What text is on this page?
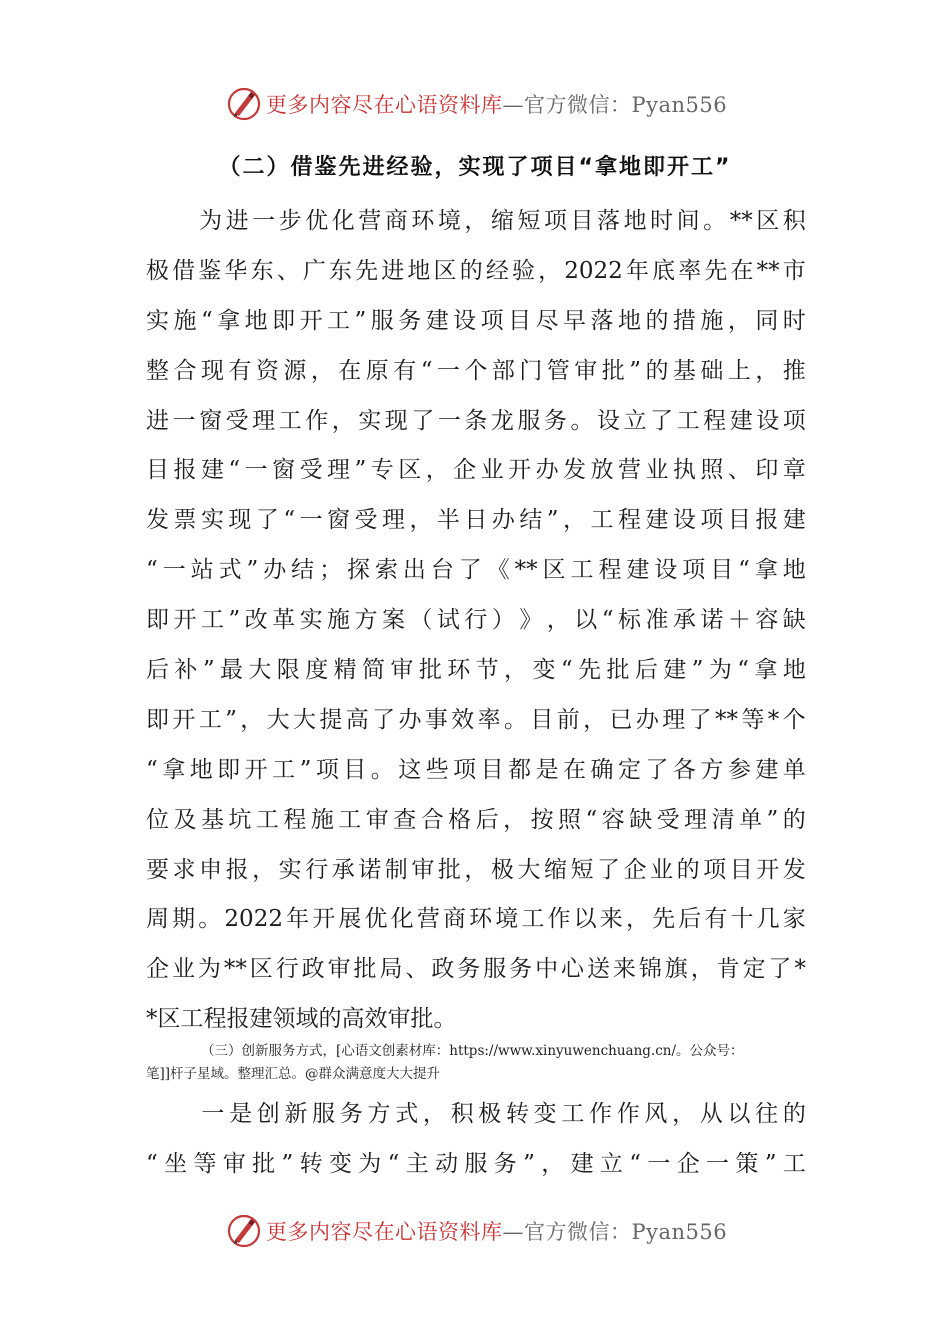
更多内容尽在心语资料库—官方微信：Pyan556
（二）借鉴先进经验，实现了项目“拿地即开工”

为 进 一 步 优 化 营 商 环 境 ， 缩 短 项 目 落 地 时 间 。 ** 区 积
极 借 鉴 华 东 、 广 东 先 进 地 区 的 经 验 ， 2022 年 底 率 先 在 ** 市
实 施 “ 拿 地 即 开 工 ” 服 务 建 设 项 目 尽 早 落 地 的 措 施 ， 同 时
整 合 现 有 资 源 ， 在 原 有 “ 一 个 部 门 管 审 批 ” 的 基 础 上 ， 推
进 一 窗 受 理 工 作 ， 实 现 了 一 条 龙 服 务 。 设 立 了 工 程 建 设 项
目 报 建 “ 一 窗 受 理 ” 专 区 ， 企 业 开 办 发 放 营 业 执 照 、 印 章
发 票 实 现 了 “ 一 窗 受 理 ， 半 日 办 结 ” ， 工 程 建 设 项 目 报 建
“ 一 站 式 ” 办 结 ； 探 索 出 台 了 《 ** 区 工 程 建 设 项 目 “ 拿 地
即 开 工 ” 改 革 实 施 方 案 （ 试 行 ） 》 ， 以 “ 标 准 承 诺 ＋ 容 缺
后 补 ” 最 大 限 度 精 简 审 批 环 节 ， 变 “ 先 批 后 建 ” 为 “ 拿 地
即 开 工 ” ， 大 大 提 高 了 办 事 效 率 。 目 前 ， 已 办 理 了 ** 等 * 个
“ 拿 地 即 开 工 ” 项 目 。 这 些 项 目 都 是 在 确 定 了 各 方 参 建 单
位 及 基 坑 工 程 施 工 审 查 合 格 后 ， 按 照 “ 容 缺 受 理 清 单 ” 的
要 求 申 报 ， 实 行 承 诺 制 审 批 ， 极 大 缩 短 了 企 业 的 项 目 开 发
周 期 。 2022 年 开 展 优 化 营 商 环 境 工 作 以 来 ， 先 后 有 十 几 家
企 业 为 ** 区 行 政 审 批 局 、 政 务 服 务 中 心 送 来 锦 旗 ， 肯 定 了 *
*区工程报建领域的高效审批。
（三）创新服务方式，[心语文创素材库：https://www.xinyuwenchuang.cn/。公众号：
笔]]杆子星域。整理汇总。@群众满意度大大提升

一 是 创 新 服 务 方 式 ， 积 极 转 变 工 作 作 风 ， 从 以 往 的
“ 坐 等 审 批 ” 转 变 为 “ 主 动 服 务 ” ， 建 立 “ 一 企 一 策 ” 工
更多内容尽在心语资料库—官方微信：Pyan556
